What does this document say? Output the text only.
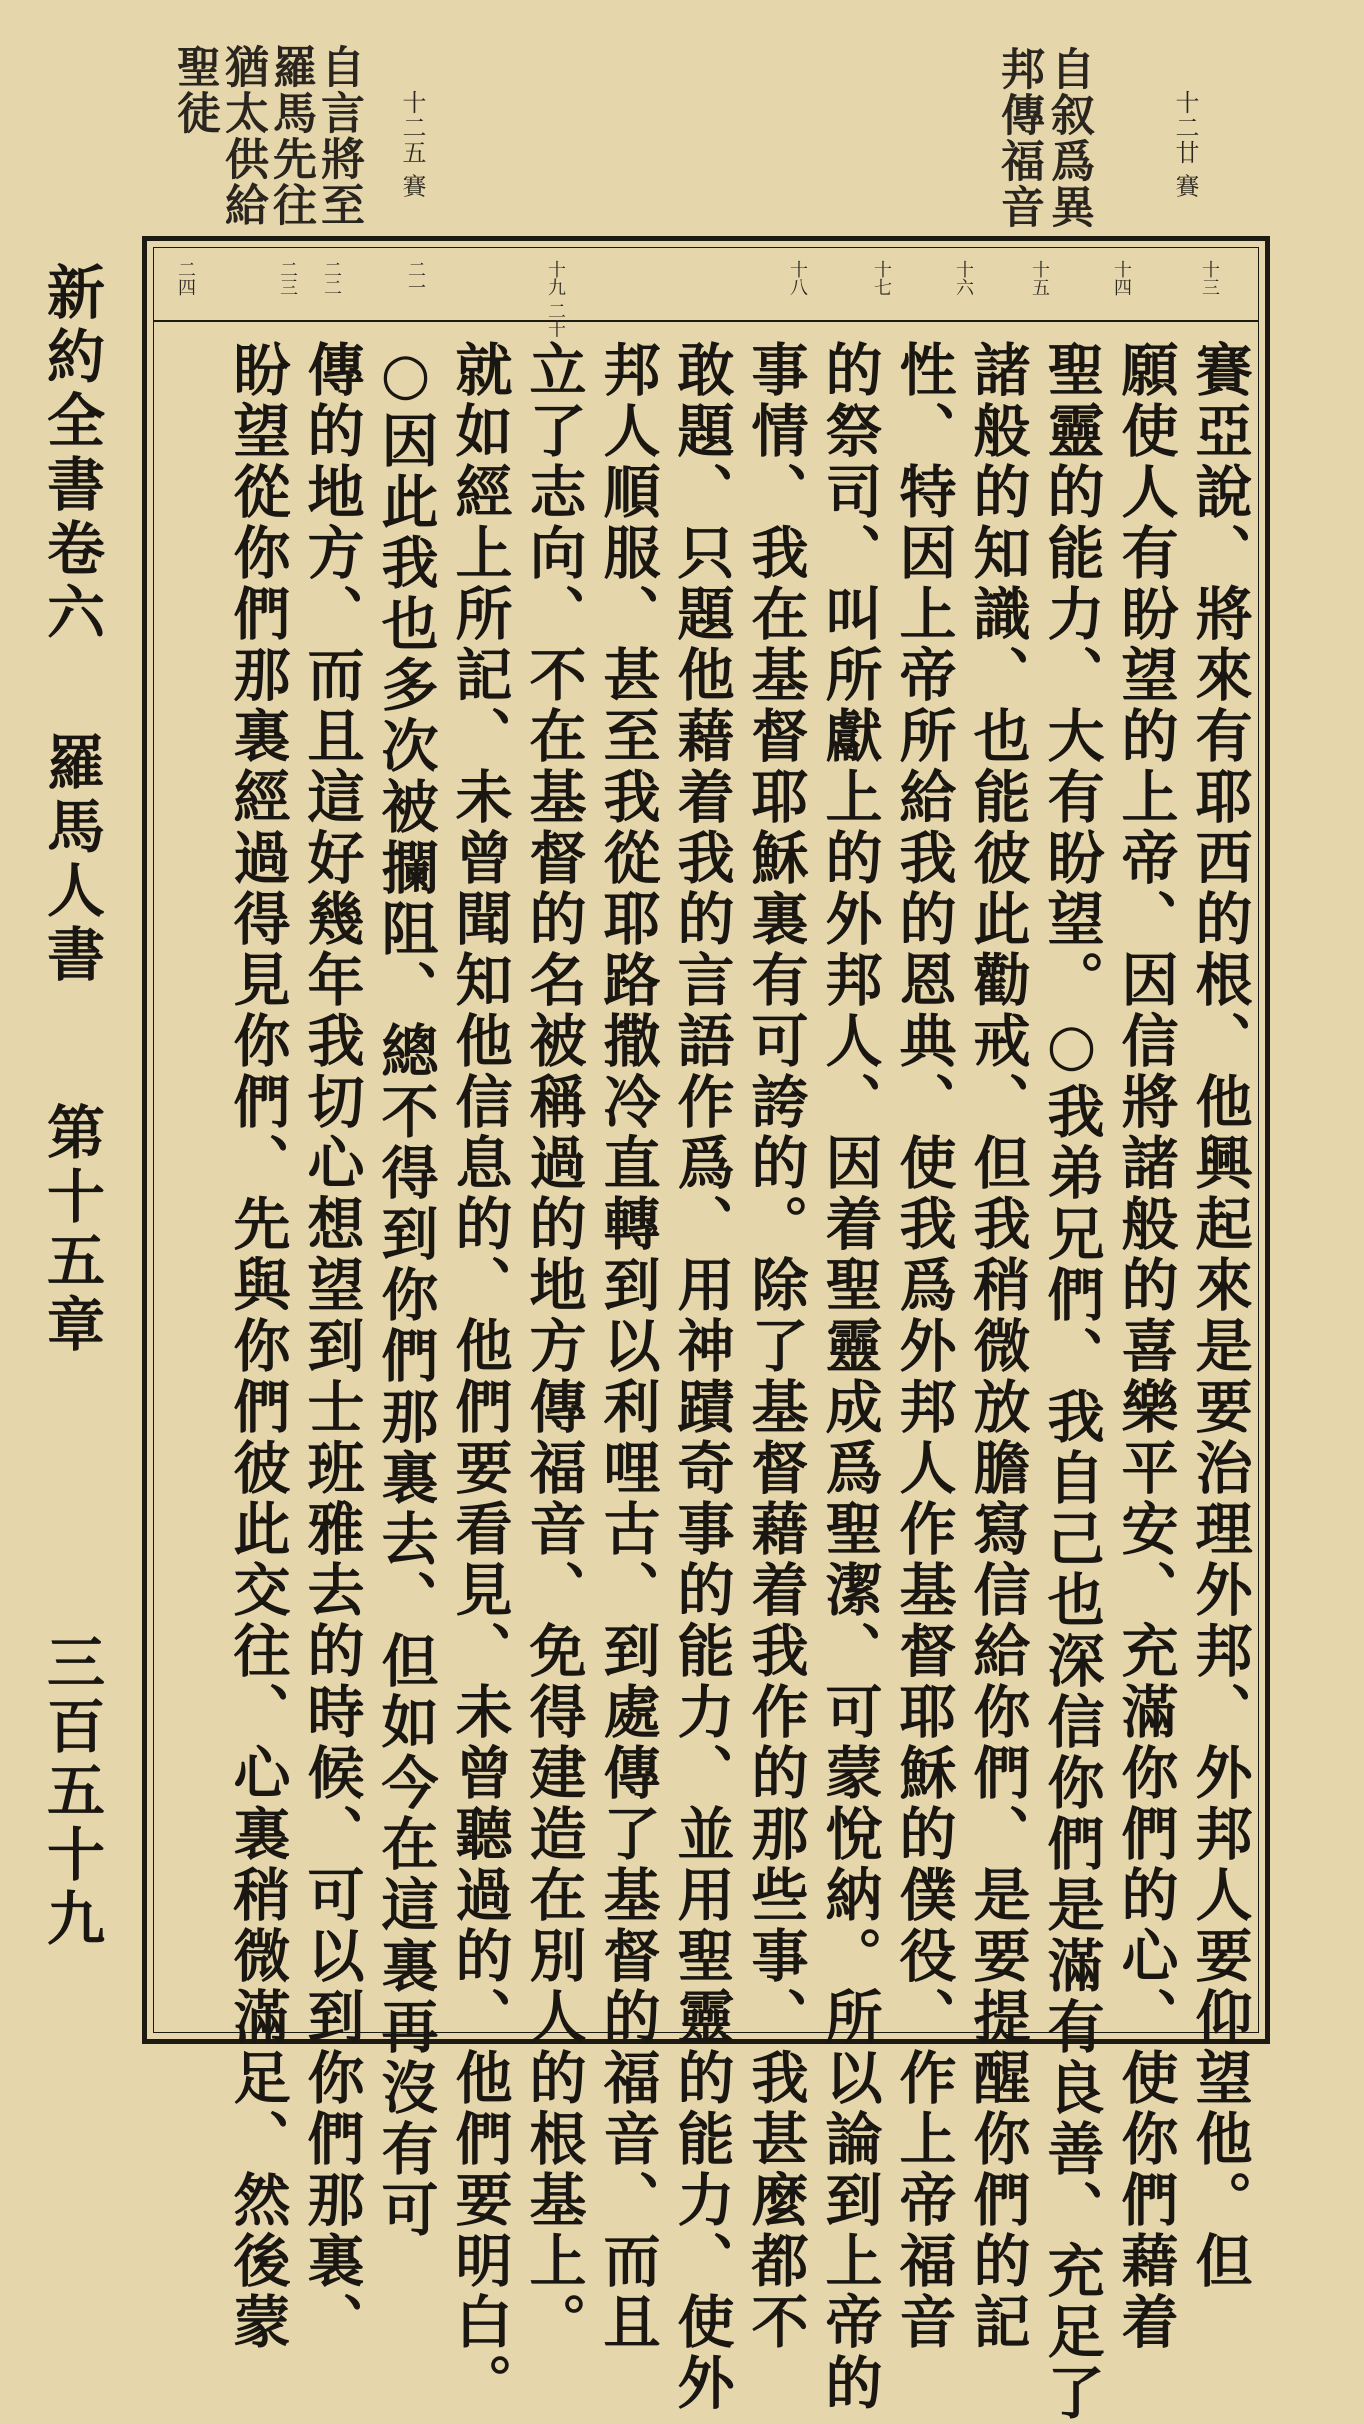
十二廿 賽
自叙爲異
邦傳福音
十二五 賽
自言將至
羅馬先往
猶太供給
聖徒
十三
十四
十五
十六
十七
十八
十九 二十
二一
二二
二三
二四
賽亞說、將來有耶西的根、他興起來是要治理外邦、外邦人要仰望他。但
願使人有盼望的上帝、因信將諸般的喜樂平安、充滿你們的心、使你們藉着
聖靈的能力、大有盼望。○我弟兄們、我自己也深信你們是滿有良善、充足了
諸般的知識、也能彼此勸戒、但我稍微放膽寫信給你們、是要提醒你們的記
性、特因上帝所給我的恩典、使我爲外邦人作基督耶穌的僕役、作上帝福音
的祭司、叫所獻上的外邦人、因着聖靈成爲聖潔、可蒙悅納。所以論到上帝的
事情、我在基督耶穌裏有可誇的。除了基督藉着我作的那些事、我甚麼都不
敢題、只題他藉着我的言語作爲、用神蹟奇事的能力、並用聖靈的能力、使外
邦人順服、甚至我從耶路撒冷直轉到以利哩古、到處傳了基督的福音、而且
立了志向、不在基督的名被稱過的地方傳福音、免得建造在別人的根基上。
就如經上所記、未曾聞知他信息的、他們要看見、未曾聽過的、他們要明白。
○因此我也多次被攔阻、總不得到你們那裏去、但如今在這裏再沒有可
傳的地方、而且這好幾年我切心想望到士班雅去的時候、可以到你們那裏、
盼望從你們那裏經過得見你們、先與你們彼此交往、心裏稍微滿足、然後蒙
新約全書卷六
羅馬人書
第十五章
三百五十九
